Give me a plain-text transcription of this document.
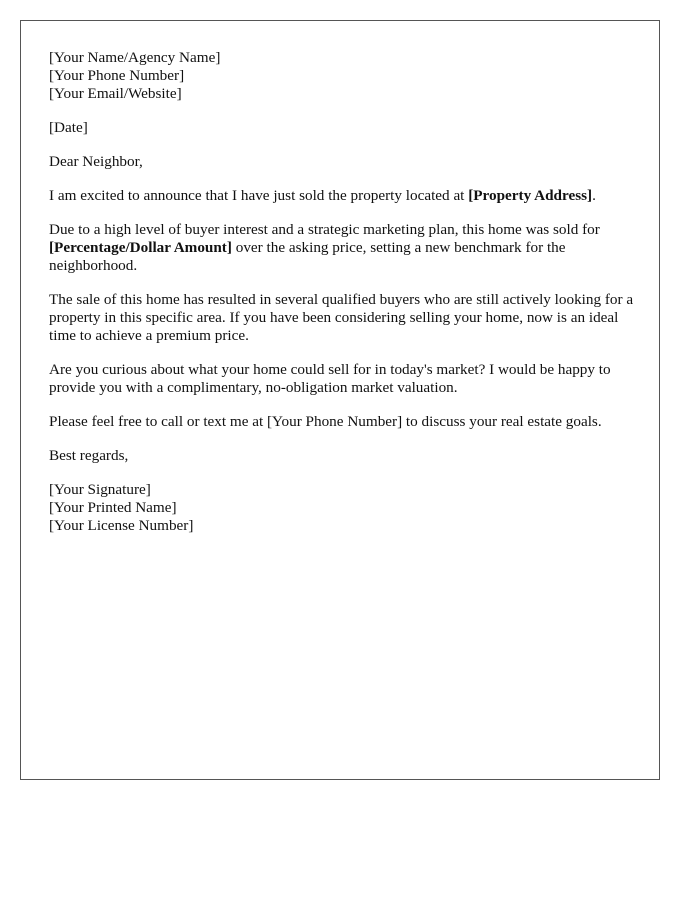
[Your Name/Agency Name]
[Your Phone Number]
[Your Email/Website]

[Date]

Dear Neighbor,

I am excited to announce that I have just sold the property located at [Property Address].

Due to a high level of buyer interest and a strategic marketing plan, this home was sold for [Percentage/Dollar Amount] over the asking price, setting a new benchmark for the neighborhood.

The sale of this home has resulted in several qualified buyers who are still actively looking for a property in this specific area. If you have been considering selling your home, now is an ideal time to achieve a premium price.

Are you curious about what your home could sell for in today's market? I would be happy to provide you with a complimentary, no-obligation market valuation.

Please feel free to call or text me at [Your Phone Number] to discuss your real estate goals.

Best regards,

[Your Signature]
[Your Printed Name]
[Your License Number]
